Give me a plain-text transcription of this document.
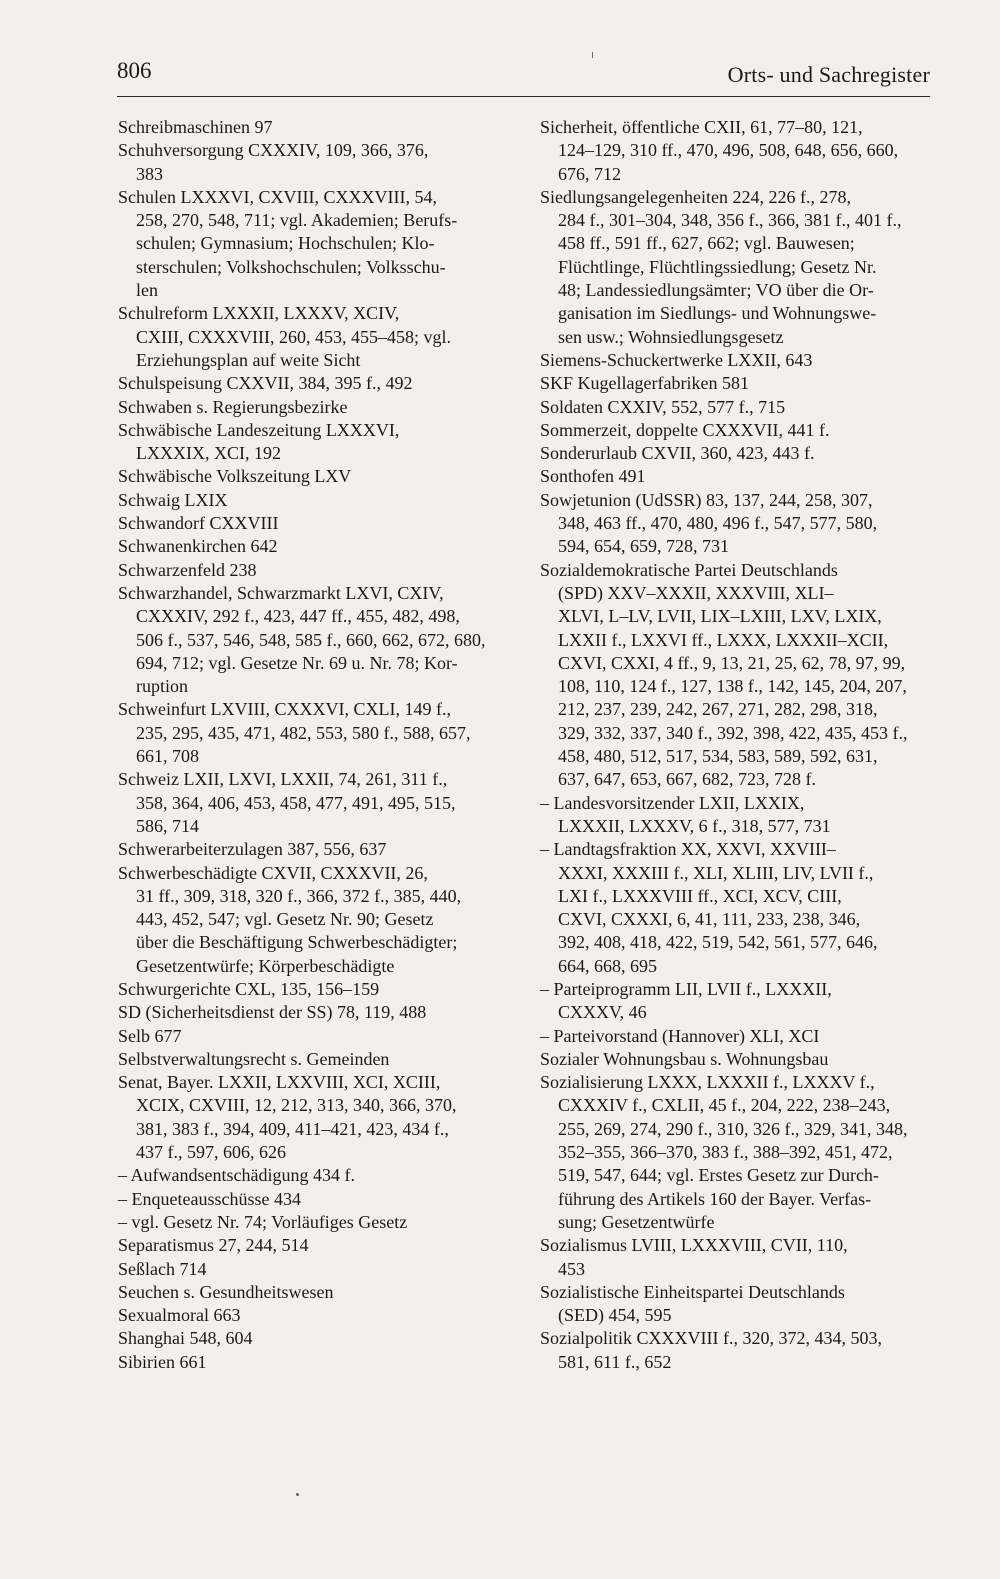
806	Orts- und Sachregister
Schreibmaschinen 97
Schuhversorgung CXXXIV, 109, 366, 376,
383
Schulen LXXXVI, CXVIII, CXXXVIII, 54,
258, 270, 548, 711; vgl. Akademien; Berufs-
schulen; Gymnasium; Hochschulen; Klo-
sterschulen; Volkshochschulen; Volksschu-
len
Schulreform LXXXII, LXXXV, XCIV,
CXIII, CXXXVIII, 260, 453, 455–458; vgl.
Erziehungsplan auf weite Sicht
Schulspeisung CXXVII, 384, 395 f., 492
Schwaben s. Regierungsbezirke
Schwäbische Landeszeitung LXXXVI,
LXXXIX, XCI, 192
Schwäbische Volkszeitung LXV
Schwaig LXIX
Schwandorf CXXVIII
Schwanenkirchen 642
Schwarzenfeld 238
Schwarzhandel, Schwarzmarkt LXVI, CXIV,
CXXXIV, 292 f., 423, 447 ff., 455, 482, 498,
506 f., 537, 546, 548, 585 f., 660, 662, 672, 680,
694, 712; vgl. Gesetze Nr. 69 u. Nr. 78; Kor-
ruption
Schweinfurt LXVIII, CXXXVI, CXLI, 149 f.,
235, 295, 435, 471, 482, 553, 580 f., 588, 657,
661, 708
Schweiz LXII, LXVI, LXXII, 74, 261, 311 f.,
358, 364, 406, 453, 458, 477, 491, 495, 515,
586, 714
Schwerarbeiterzulagen 387, 556, 637
Schwerbeschädigte CXVII, CXXXVII, 26,
31 ff., 309, 318, 320 f., 366, 372 f., 385, 440,
443, 452, 547; vgl. Gesetz Nr. 90; Gesetz
über die Beschäftigung Schwerbeschädigter;
Gesetzentwürfe; Körperbeschädigte
Schwurgerichte CXL, 135, 156–159
SD (Sicherheitsdienst der SS) 78, 119, 488
Selb 677
Selbstverwaltungsrecht s. Gemeinden
Senat, Bayer. LXXII, LXXVIII, XCI, XCIII,
XCIX, CXVIII, 12, 212, 313, 340, 366, 370,
381, 383 f., 394, 409, 411–421, 423, 434 f.,
437 f., 597, 606, 626
– Aufwandsentschädigung 434 f.
– Enqueteausschüsse 434
– vgl. Gesetz Nr. 74; Vorläufiges Gesetz
Separatismus 27, 244, 514
Seßlach 714
Seuchen s. Gesundheitswesen
Sexualmoral 663
Shanghai 548, 604
Sibirien 661
Sicherheit, öffentliche CXII, 61, 77–80, 121,
124–129, 310 ff., 470, 496, 508, 648, 656, 660,
676, 712
Siedlungsangelegenheiten 224, 226 f., 278,
284 f., 301–304, 348, 356 f., 366, 381 f., 401 f.,
458 ff., 591 ff., 627, 662; vgl. Bauwesen;
Flüchtlinge, Flüchtlingssiedlung; Gesetz Nr.
48; Landessiedlungsämter; VO über die Or-
ganisation im Siedlungs- und Wohnungswe-
sen usw.; Wohnsiedlungsgesetz
Siemens-Schuckertwerke LXXII, 643
SKF Kugellagerfabriken 581
Soldaten CXXIV, 552, 577 f., 715
Sommerzeit, doppelte CXXXVII, 441 f.
Sonderurlaub CXVII, 360, 423, 443 f.
Sonthofen 491
Sowjetunion (UdSSR) 83, 137, 244, 258, 307,
348, 463 ff., 470, 480, 496 f., 547, 577, 580,
594, 654, 659, 728, 731
Sozialdemokratische Partei Deutschlands
(SPD) XXV–XXXII, XXXVIII, XLI–
XLVI, L–LV, LVII, LIX–LXIII, LXV, LXIX,
LXXII f., LXXVI ff., LXXX, LXXXII–XCII,
CXVI, CXXI, 4 ff., 9, 13, 21, 25, 62, 78, 97, 99,
108, 110, 124 f., 127, 138 f., 142, 145, 204, 207,
212, 237, 239, 242, 267, 271, 282, 298, 318,
329, 332, 337, 340 f., 392, 398, 422, 435, 453 f.,
458, 480, 512, 517, 534, 583, 589, 592, 631,
637, 647, 653, 667, 682, 723, 728 f.
– Landesvorsitzender LXII, LXXIX,
LXXXII, LXXXV, 6 f., 318, 577, 731
– Landtagsfraktion XX, XXVI, XXVIII–
XXXI, XXXIII f., XLI, XLIII, LIV, LVII f.,
LXI f., LXXXVIII ff., XCI, XCV, CIII,
CXVI, CXXXI, 6, 41, 111, 233, 238, 346,
392, 408, 418, 422, 519, 542, 561, 577, 646,
664, 668, 695
– Parteiprogramm LII, LVII f., LXXXII,
CXXXV, 46
– Parteivorstand (Hannover) XLI, XCI
Sozialer Wohnungsbau s. Wohnungsbau
Sozialisierung LXXX, LXXXII f., LXXXV f.,
CXXXIV f., CXLII, 45 f., 204, 222, 238–243,
255, 269, 274, 290 f., 310, 326 f., 329, 341, 348,
352–355, 366–370, 383 f., 388–392, 451, 472,
519, 547, 644; vgl. Erstes Gesetz zur Durch-
führung des Artikels 160 der Bayer. Verfas-
sung; Gesetzentwürfe
Sozialismus LVIII, LXXXVIII, CVII, 110,
453
Sozialistische Einheitspartei Deutschlands
(SED) 454, 595
Sozialpolitik CXXXVIII f., 320, 372, 434, 503,
581, 611 f., 652
